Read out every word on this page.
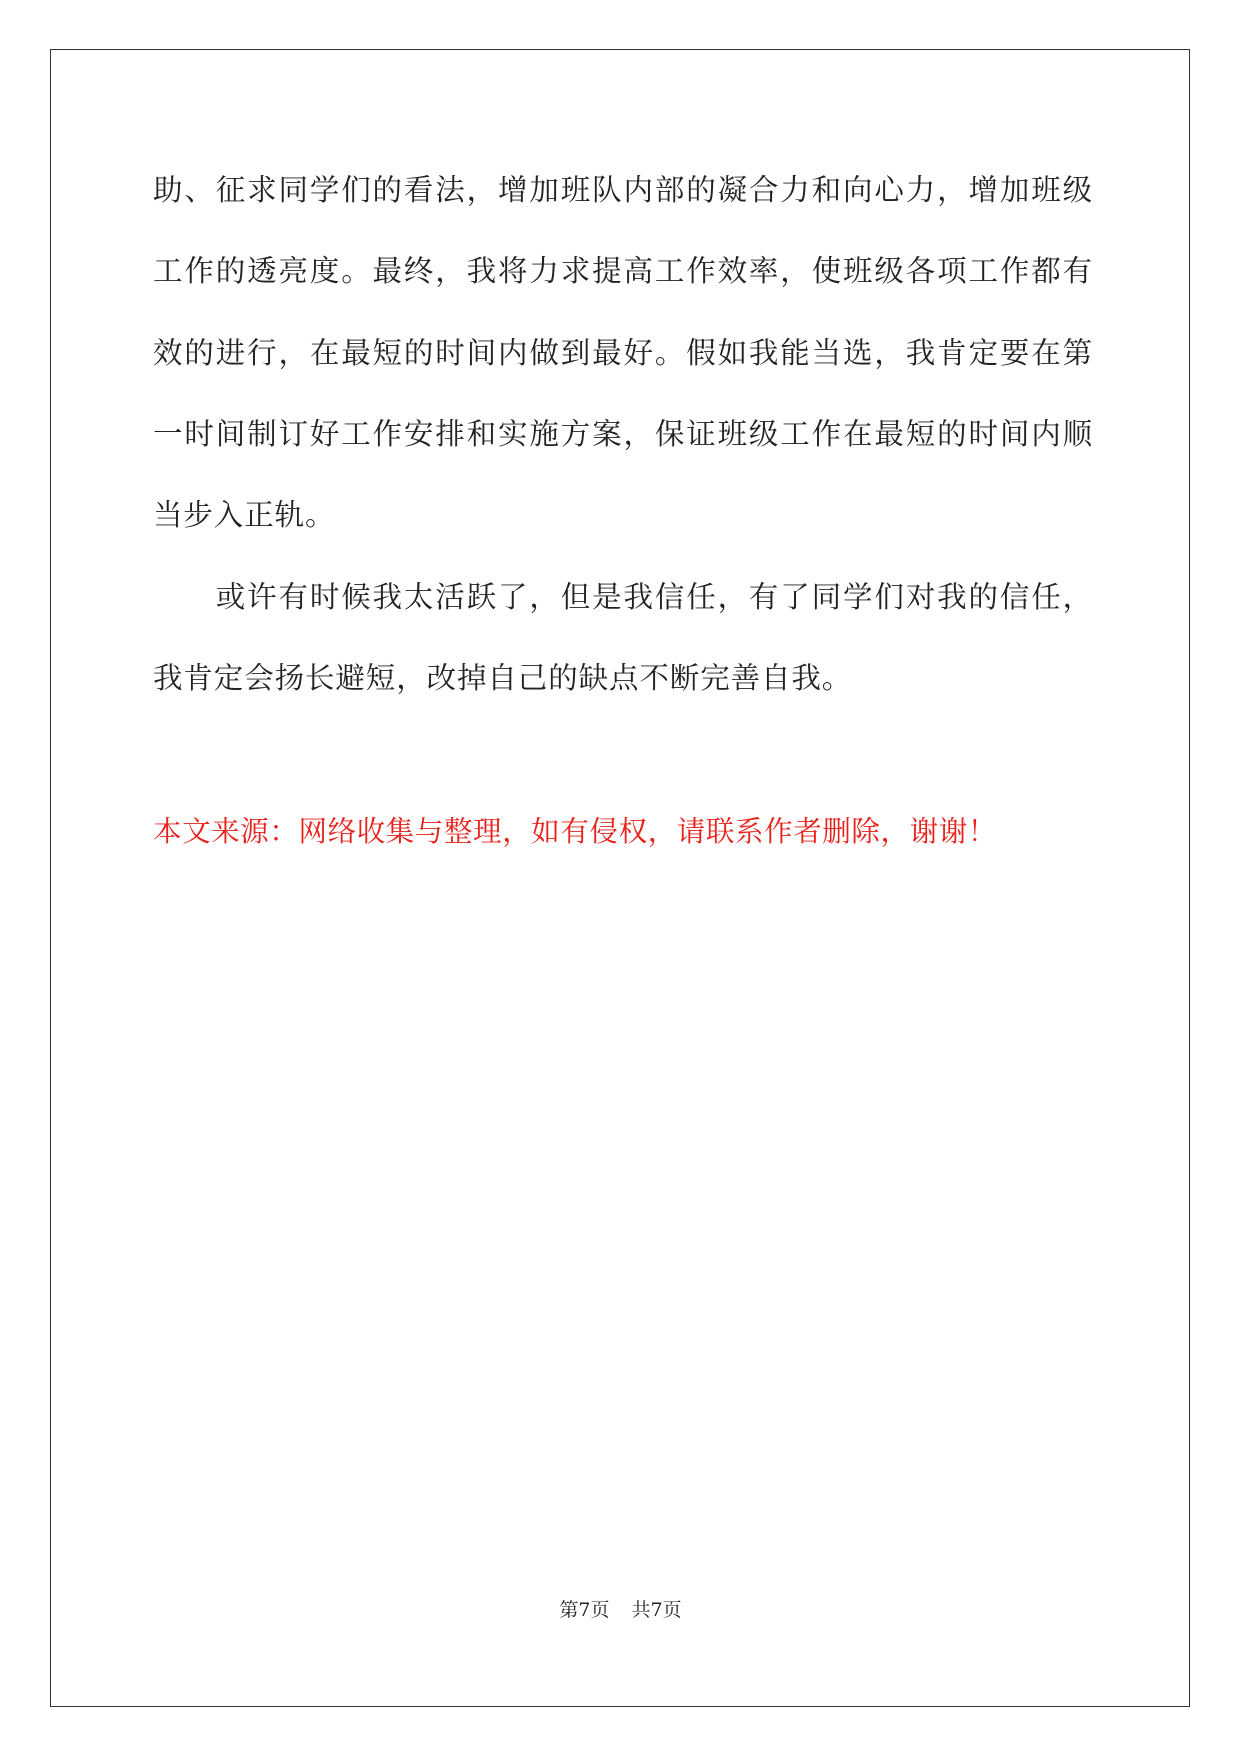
助、征求同学们的看法，增加班队内部的凝合力和向心力，增加班级
工作的透亮度。最终，我将力求提高工作效率，使班级各项工作都有
效的进行，在最短的时间内做到最好。假如我能当选，我肯定要在第
一时间制订好工作安排和实施方案，保证班级工作在最短的时间内顺
当步入正轨。
　　或许有时候我太活跃了，但是我信任，有了同学们对我的信任，
我肯定会扬长避短，改掉自己的缺点不断完善自我。
本文来源：网络收集与整理，如有侵权，请联系作者删除，谢谢！
第7页 共7页
